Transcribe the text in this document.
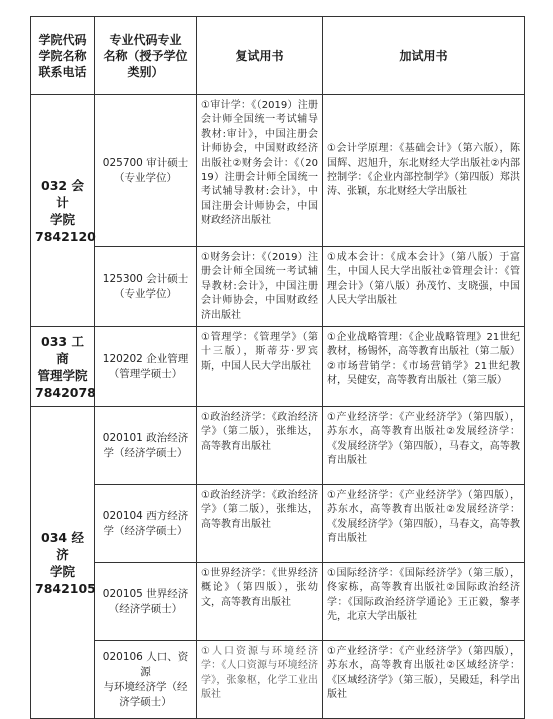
学院代码
学院名称
联系电话	专业代码专业
名称（授予学位
类别）	复试用书	加试用书

032 会计
学院
7842120	025700 审计硕士
（专业学位）	①审计学：《（2019）注册会计师全国统一考试辅导教材:审计》，中国注册会计师协会，中国财政经济出版社②财务会计：《（2019）注册会计师全国统一考试辅导教材:会计》，中国注册会计师协会，中国财政经济出版社	①会计学原理：《基础会计》（第六版），陈国辉、迟旭升，东北财经大学出版社②内部控制学：《企业内部控制学》（第四版）郑洪涛、张颖，东北财经大学出版社

	125300 会计硕士
（专业学位）	①财务会计：《（2019）注册会计师全国统一考试辅导教材:会计》，中国注册会计师协会，中国财政经济出版社	①成本会计：《成本会计》（第八版）于富生，中国人民大学出版社②管理会计：《管理会计》（第八版）孙茂竹、支晓强，中国人民大学出版社

033 工商
管理学院
7842078	120202 企业管理
（管理学硕士）	①管理学：《管理学》（第十三版），斯蒂芬·罗宾斯，中国人民大学出版社	①企业战略管理：《企业战略管理》21世纪教材，杨锡怀，高等教育出版社（第二版）②市场营销学：《市场营销学》21世纪教材，吴健安，高等教育出版社（第三版）

034 经济
学院
7842105	020101 政治经济
学（经济学硕士）	①政治经济学：《政治经济学》（第二版），张维达，高等教育出版社	①产业经济学：《产业经济学》（第四版），苏东水，高等教育出版社②发展经济学：《发展经济学》（第四版），马春文，高等教育出版社

	020104 西方经济
学（经济学硕士）	①政治经济学：《政治经济学》（第二版），张维达，高等教育出版社	①产业经济学：《产业经济学》（第四版），苏东水，高等教育出版社②发展经济学：《发展经济学》（第四版），马春文，高等教育出版社

	020105 世界经济
（经济学硕士）	①世界经济学：《世界经济概论》（第四版），张幼文，高等教育出版社	①国际经济学：《国际经济学》（第三版），佟家栋，高等教育出版社②国际政治经济学：《国际政治经济学通论》王正毅，黎孝先，北京大学出版社

	020106 人口、资源
与环境经济学（经
济学硕士）	①人口资源与环境经济学：《人口资源与环境经济学》，张象枢，化学工业出版社	①产业经济学：《产业经济学》（第四版），苏东水，高等教育出版社②区域经济学：《区域经济学》（第三版），吴殿廷，科学出版社
